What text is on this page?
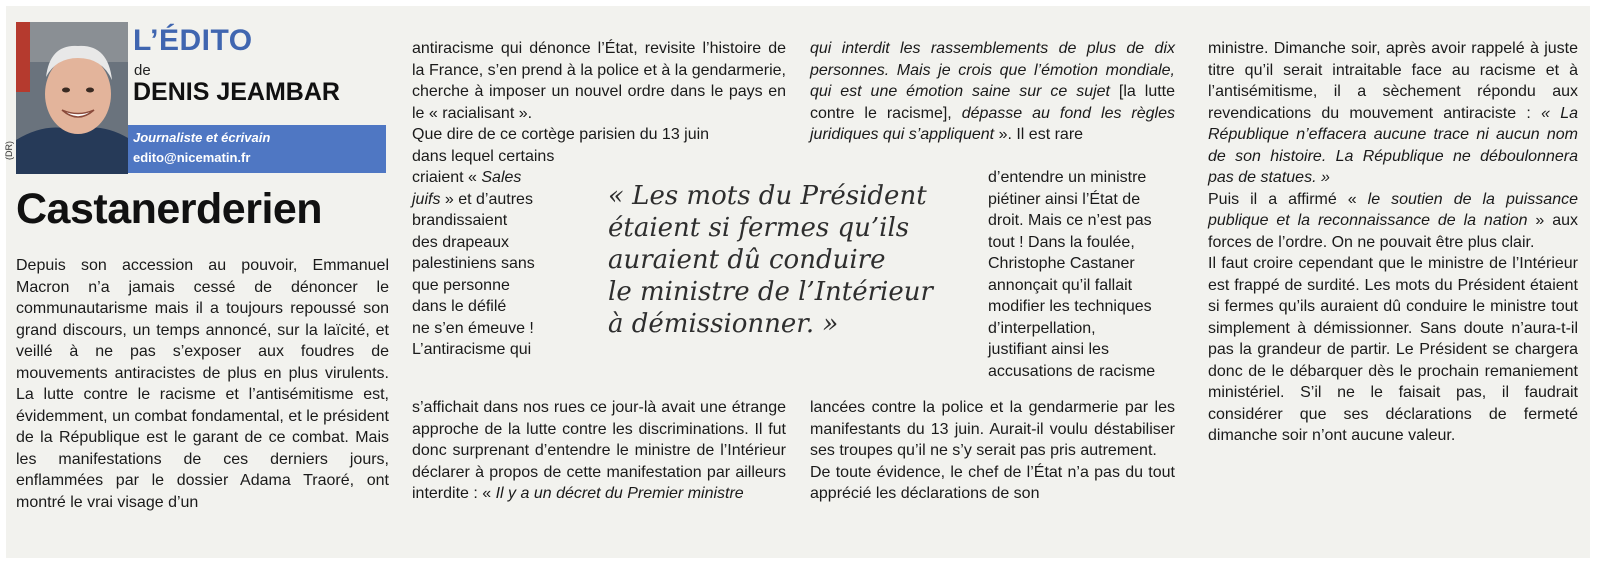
(DR)
L’ÉDITO
de
DENIS JEAMBAR
Journaliste et écrivain
edito@nicematin.fr
Castanerderien

Depuis son accession au pouvoir, Emmanuel Macron n’a jamais cessé de dénoncer le communautarisme mais il a toujours repoussé son grand discours, un temps annoncé, sur la laïcité, et veillé à ne pas s’exposer aux foudres de mouvements antiracistes de plus en plus virulents. La lutte contre le racisme et l’antisémitisme est, évidemment, un combat fondamental, et le président de la République est le garant de ce combat. Mais les manifestations de ces derniers jours, enflammées par le dossier Adama Traoré, ont montré le vrai visage d’un

antiracisme qui dénonce l’État, revisite l’histoire de la France, s’en prend à la police et à la gendarmerie, cherche à imposer un nouvel ordre dans le pays en le « racialisant ».

Que dire de ce cortège parisien du 13 juin
dans lequel certains
criaient « Sales
juifs » et d’autres
brandissaient
des drapeaux
palestiniens sans
que personne
dans le défilé
ne s’en émeuve !
L’antiracisme qui

s’affichait dans nos rues ce jour-là avait une étrange approche de la lutte contre les discriminations. Il fut donc surprenant d’entendre le ministre de l’Intérieur déclarer à propos de cette manifestation par ailleurs interdite : « Il y a un décret du Premier ministre

« Les mots du Président

étaient si fermes qu’ils

auraient dû conduire

le ministre de l’Intérieur

à démissionner. »

qui interdit les rassemblements de plus de dix personnes. Mais je crois que l’émotion mondiale, qui est une émotion saine sur ce sujet [la lutte contre le racisme], dépasse au fond les règles juridiques qui s’appliquent ». Il est rare

d’entendre un ministre
piétiner ainsi l’État de
droit. Mais ce n’est pas
tout ! Dans la foulée,
Christophe Castaner
annonçait qu’il fallait
modifier les techniques
d’interpellation,
justifiant ainsi les
accusations de racisme

lancées contre la police et la gendarmerie par les manifestants du 13 juin. Aurait-il voulu déstabiliser ses troupes qu’il ne s’y serait pas pris autrement.

De toute évidence, le chef de l’État n’a pas du tout apprécié les déclarations de son

ministre. Dimanche soir, après avoir rappelé à juste titre qu’il serait intraitable face au racisme et à l’antisémitisme, il a sèchement répondu aux revendications du mouvement antiraciste : « La République n’effacera aucune trace ni aucun nom de son histoire. La République ne déboulonnera pas de statues. »

Puis il a affirmé « le soutien de la puissance publique et la reconnaissance de la nation » aux forces de l’ordre. On ne pouvait être plus clair.

Il faut croire cependant que le ministre de l’Intérieur est frappé de surdité. Les mots du Président étaient si fermes qu’ils auraient dû conduire le ministre tout simplement à démissionner. Sans doute n’aura-t-il pas la grandeur de partir. Le Président se chargera donc de le débarquer dès le prochain remaniement ministériel. S’il ne le faisait pas, il faudrait considérer que ses déclarations de fermeté dimanche soir n’ont aucune valeur.
